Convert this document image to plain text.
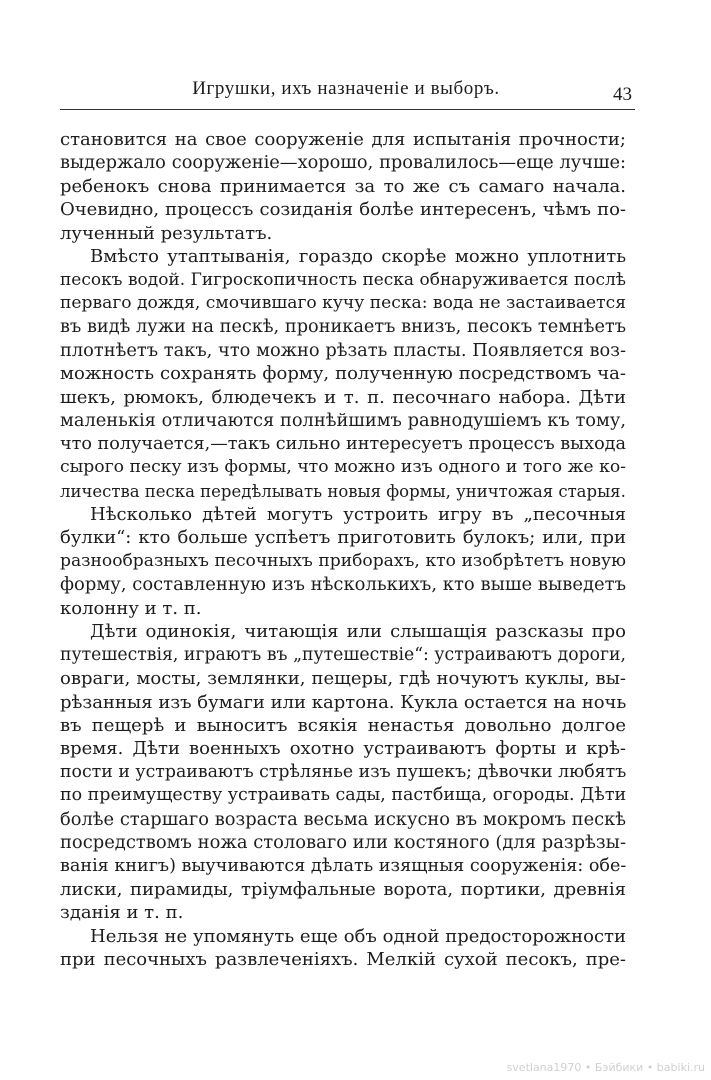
Игрушки, ихъ назначеніе и выборъ.	43
становится на свое сооруженіе для испытанія прочности;
выдержало сооруженіе—хорошо, провалилось—еще лучше:
ребенокъ снова принимается за то же съ самаго начала.
Очевидно, процессъ созиданія болѣе интересенъ, чѣмъ по-
лученный результатъ.
Вмѣсто утаптыванія, гораздо скорѣе можно уплотнить
песокъ водой. Гигроскопичность песка обнаруживается послѣ
перваго дождя, смочившаго кучу песка: вода не застаивается
въ видѣ лужи на пескѣ, проникаетъ внизъ, песокъ темнѣетъ
плотнѣетъ такъ, что можно рѣзать пласты. Появляется воз-
можность сохранять форму, полученную посредствомъ ча-
шекъ, рюмокъ, блюдечекъ и т. п. песочнаго набора. Дѣти
маленькія отличаются полнѣйшимъ равнодушіемъ къ тому,
что получается,—такъ сильно интересуетъ процессъ выхода
сырого песку изъ формы, что можно изъ одного и того же ко-
личества песка передѣлывать новыя формы, уничтожая старыя.
Нѣсколько дѣтей могутъ устроить игру въ „песочныя
булки“: кто больше успѣетъ приготовить булокъ; или, при
разнообразныхъ песочныхъ приборахъ, кто изобрѣтетъ новую
форму, составленную изъ нѣсколькихъ, кто выше выведетъ
колонну и т. п.
Дѣти одинокія, читающія или слышащія разсказы про
путешествія, играютъ въ „путешествіе“: устраиваютъ дороги,
овраги, мосты, землянки, пещеры, гдѣ ночуютъ куклы, вы-
рѣзанныя изъ бумаги или картона. Кукла остается на ночь
въ пещерѣ и выноситъ всякія ненастья довольно долгое
время. Дѣти военныхъ охотно устраиваютъ форты и крѣ-
пости и устраиваютъ стрѣлянье изъ пушекъ; дѣвочки любятъ
по преимуществу устраивать сады, пастбища, огороды. Дѣти
болѣе старшаго возраста весьма искусно въ мокромъ пескѣ
посредствомъ ножа столоваго или костяного (для разрѣзы-
ванія книгъ) выучиваются дѣлать изящныя сооруженія: обе-
лиски, пирамиды, тріумфальные ворота, портики, древнія
зданія и т. п.
Нельзя не упомянуть еще объ одной предосторожности
при песочныхъ развлеченіяхъ. Мелкій сухой песокъ, пре-
svetlana1970 • Бэйбики • babiki.ru
